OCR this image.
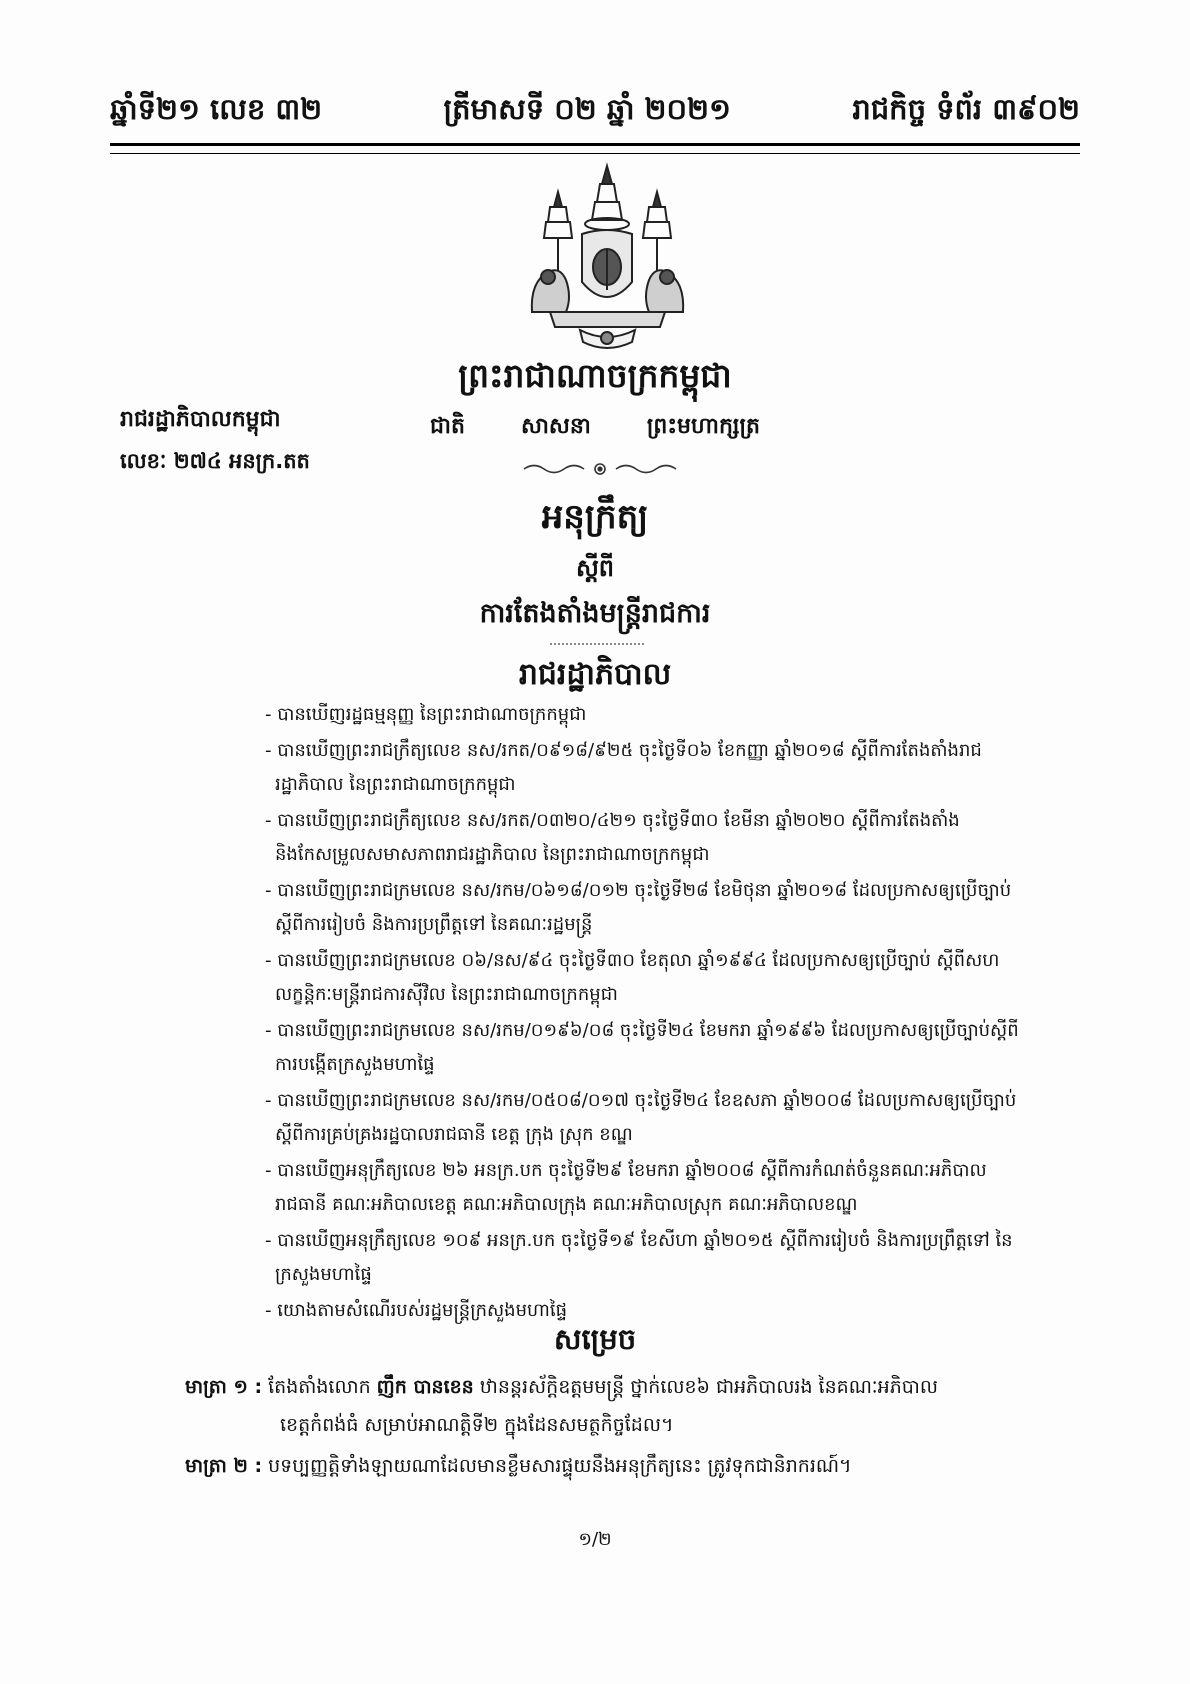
ឆ្នាំទី២១ លេខ ៣២	ត្រីមាសទី ០២ ឆ្នាំ ២០២១	រាជកិច្ច ទំព័រ ៣៩០២
ព្រះរាជាណាចក្រកម្ពុជា
ជាតិ	សាសនា	ព្រះមហាក្សត្រ
រាជរដ្ឋាភិបាលកម្ពុជា
លេខៈ ២៧៤ អនក្រ.តត
អនុក្រឹត្យ
ស្តីពី
ការតែងតាំងមន្ត្រីរាជការ
រាជរដ្ឋាភិបាល
- បានឃើញរដ្ឋធម្មនុញ្ញ នៃព្រះរាជាណាចក្រកម្ពុជា
- បានឃើញព្រះរាជក្រឹត្យលេខ នស/រកត/០៩១៨/៩២៥ ចុះថ្ងៃទី០៦ ខែកញ្ញា ឆ្នាំ២០១៨ ស្តីពីការតែងតាំងរាជរដ្ឋាភិបាល នៃព្រះរាជាណាចក្រកម្ពុជា
- បានឃើញព្រះរាជក្រឹត្យលេខ នស/រកត/០៣២០/៤២១ ចុះថ្ងៃទី៣០ ខែមីនា ឆ្នាំ២០២០ ស្តីពីការតែងតាំង និងកែសម្រួលសមាសភាពរាជរដ្ឋាភិបាល នៃព្រះរាជាណាចក្រកម្ពុជា
- បានឃើញព្រះរាជក្រមលេខ នស/រកម/០៦១៨/០១២ ចុះថ្ងៃទី២៨ ខែមិថុនា ឆ្នាំ២០១៨ ដែលប្រកាសឲ្យប្រើច្បាប់ស្តីពីការរៀបចំ និងការប្រព្រឹត្តទៅ នៃគណៈរដ្ឋមន្ត្រី
- បានឃើញព្រះរាជក្រមលេខ ០៦/នស/៩៤ ចុះថ្ងៃទី៣០ ខែតុលា ឆ្នាំ១៩៩៤ ដែលប្រកាសឲ្យប្រើច្បាប់ ស្តីពីសហលក្ខន្តិកៈមន្ត្រីរាជការស៊ីវិល នៃព្រះរាជាណាចក្រកម្ពុជា
- បានឃើញព្រះរាជក្រមលេខ នស/រកម/០១៩៦/០៨ ចុះថ្ងៃទី២៤ ខែមករា ឆ្នាំ១៩៩៦ ដែលប្រកាសឲ្យប្រើច្បាប់ស្តីពីការបង្កើតក្រសួងមហាផ្ទៃ
- បានឃើញព្រះរាជក្រមលេខ នស/រកម/០៥០៨/០១៧ ចុះថ្ងៃទី២៤ ខែឧសភា ឆ្នាំ២០០៨ ដែលប្រកាសឲ្យប្រើច្បាប់ស្តីពីការគ្រប់គ្រងរដ្ឋបាលរាជធានី ខេត្ត ក្រុង ស្រុក ខណ្ឌ
- បានឃើញអនុក្រឹត្យលេខ ២៦ អនក្រ.បក ចុះថ្ងៃទី២៩ ខែមករា ឆ្នាំ២០០៨ ស្តីពីការកំណត់ចំនួនគណៈអភិបាលរាជធានី គណៈអភិបាលខេត្ត គណៈអភិបាលក្រុង គណៈអភិបាលស្រុក គណៈអភិបាលខណ្ឌ
- បានឃើញអនុក្រឹត្យលេខ ១០៩ អនក្រ.បក ចុះថ្ងៃទី១៩ ខែសីហា ឆ្នាំ២០១៥ ស្តីពីការរៀបចំ និងការប្រព្រឹត្តទៅ នៃក្រសួងមហាផ្ទៃ
- យោងតាមសំណើរបស់រដ្ឋមន្ត្រីក្រសួងមហាផ្ទៃ
សម្រេច
មាត្រា ១ : តែងតាំងលោក ញឹក បានខេន ឋានន្តរស័ក្តិឧត្តមមន្ត្រី ថ្នាក់លេខ៦ ជាអភិបាលរង នៃគណៈអភិបាល
ខេត្តកំពង់ធំ សម្រាប់អាណត្តិទី២ ក្នុងដែនសមត្ថកិច្ចដែល។
មាត្រា ២ : បទប្បញ្ញត្តិទាំងឡាយណាដែលមានខ្លឹមសារផ្ទុយនឹងអនុក្រឹត្យនេះ ត្រូវទុកជានិរាករណ៍។
១/២
